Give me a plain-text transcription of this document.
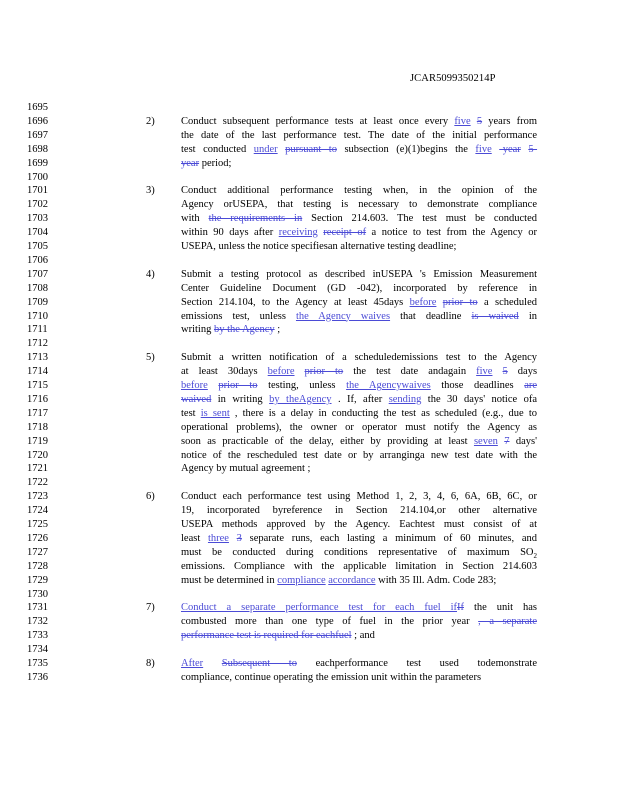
JCAR5099350214P
1695
1696
1697
1698
1699
1700
1701
1702
1703
1704
1705
1706
1707
1708
1709
1710
1711
1712
1713
1714
1715
1716
1717
1718
1719
1720
1721
1722
1723
1724
1725
1726
1727
1728
1729
1730
1731
1732
1733
1734
1735
1736
2)	Conduct subsequent performance tests at least once every five 5 years from
the date of the last performance test. The date of the initial performance
test conducted under pursuant to subsection (e)(1)begins the five -year 5-
year period;
3)	Conduct additional performance testing when, in the opinion of the
Agency orUSEPA, that testing is necessary to demonstrate compliance
with the requirements in Section 214.603. The test must be conducted
within 90 days after receiving receipt of a notice to test from the Agency or
USEPA, unless the notice specifiesan alternative testing deadline;
4)	Submit a testing protocol as described inUSEPA 's Emission Measurement
Center Guideline Document (GD -042), incorporated by reference in
Section 214.104, to the Agency at least 45days before prior to a scheduled
emissions test, unless the Agency waives that deadline is waived in
writing by the Agency ;
5)	Submit a written notification of a scheduledemissions test to the Agency
at least 30days before prior to the test date andagain five 5 days
before prior to testing, unless the Agencywaives those deadlines are
waived in writing by theAgency . If, after sending the 30 days' notice ofa
test is sent , there is a delay in conducting the test as scheduled (e.g., due to
operational problems), the owner or operator must notify the Agency as
soon as practicable of the delay, either by providing at least seven 7 days'
notice of the rescheduled test date or by arranginga new test date with the
Agency by mutual agreement ;
6)	Conduct each performance test using Method 1, 2, 3, 4, 6, 6A, 6B, 6C, or
19, incorporated byreference in Section 214.104,or other alternative
USEPA methods approved by the Agency. Eachtest must consist of at
least three 3 separate runs, each lasting a minimum of 60 minutes, and
must be conducted during conditions representative of maximum $SO_2$
emissions. Compliance with the applicable limitation in Section 214.603
must be determined in compliance accordance with 35 Ill. Adm. Code 283;
7)	Conduct a separate performance test for each fuel ifIf the unit has
combusted more than one type of fuel in the prior year , a separate
performance test is required for eachfuel ; and
8)	After Subsequent to eachperformance test used todemonstrate
compliance, continue operating the emission unit within the parameters
